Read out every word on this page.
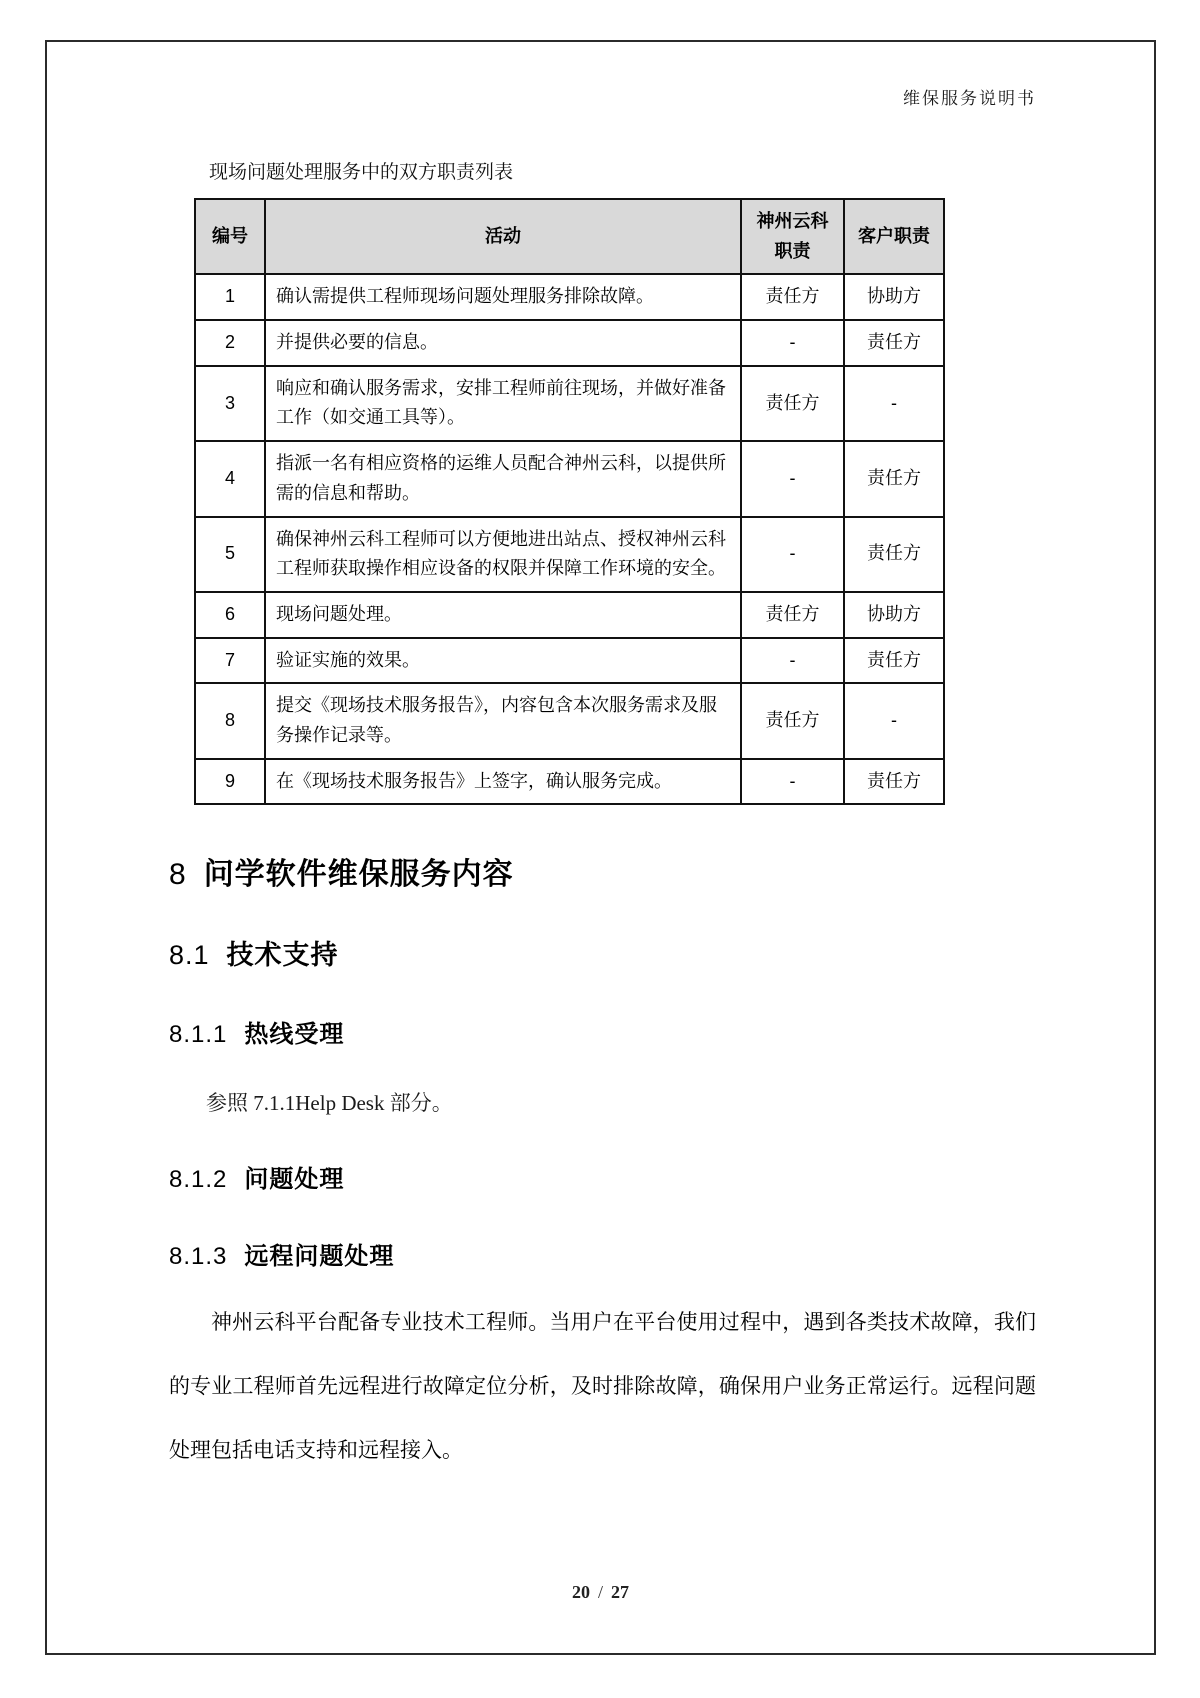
维保服务说明书
现场问题处理服务中的双方职责列表
编号	活动	神州云科职责	客户职责
1	确认需提供工程师现场问题处理服务排除故障。	责任方	协助方
2	并提供必要的信息。	-	责任方
3	响应和确认服务需求，安排工程师前往现场，并做好准备工作（如交通工具等）。	责任方	-
4	指派一名有相应资格的运维人员配合神州云科，以提供所需的信息和帮助。	-	责任方
5	确保神州云科工程师可以方便地进出站点、授权神州云科工程师获取操作相应设备的权限并保障工作环境的安全。	-	责任方
6	现场问题处理。	责任方	协助方
7	验证实施的效果。	-	责任方
8	提交《现场技术服务报告》，内容包含本次服务需求及服务操作记录等。	责任方	-
9	在《现场技术服务报告》上签字，确认服务完成。	-	责任方
8 问学软件维保服务内容
8.1 技术支持
8.1.1 热线受理
参照 7.1.1Help Desk 部分。
8.1.2 问题处理
8.1.3 远程问题处理
神州云科平台配备专业技术工程师。当用户在平台使用过程中，遇到各类技术故障，我们的专业工程师首先远程进行故障定位分析，及时排除故障，确保用户业务正常运行。远程问题处理包括电话支持和远程接入。
20 / 27
